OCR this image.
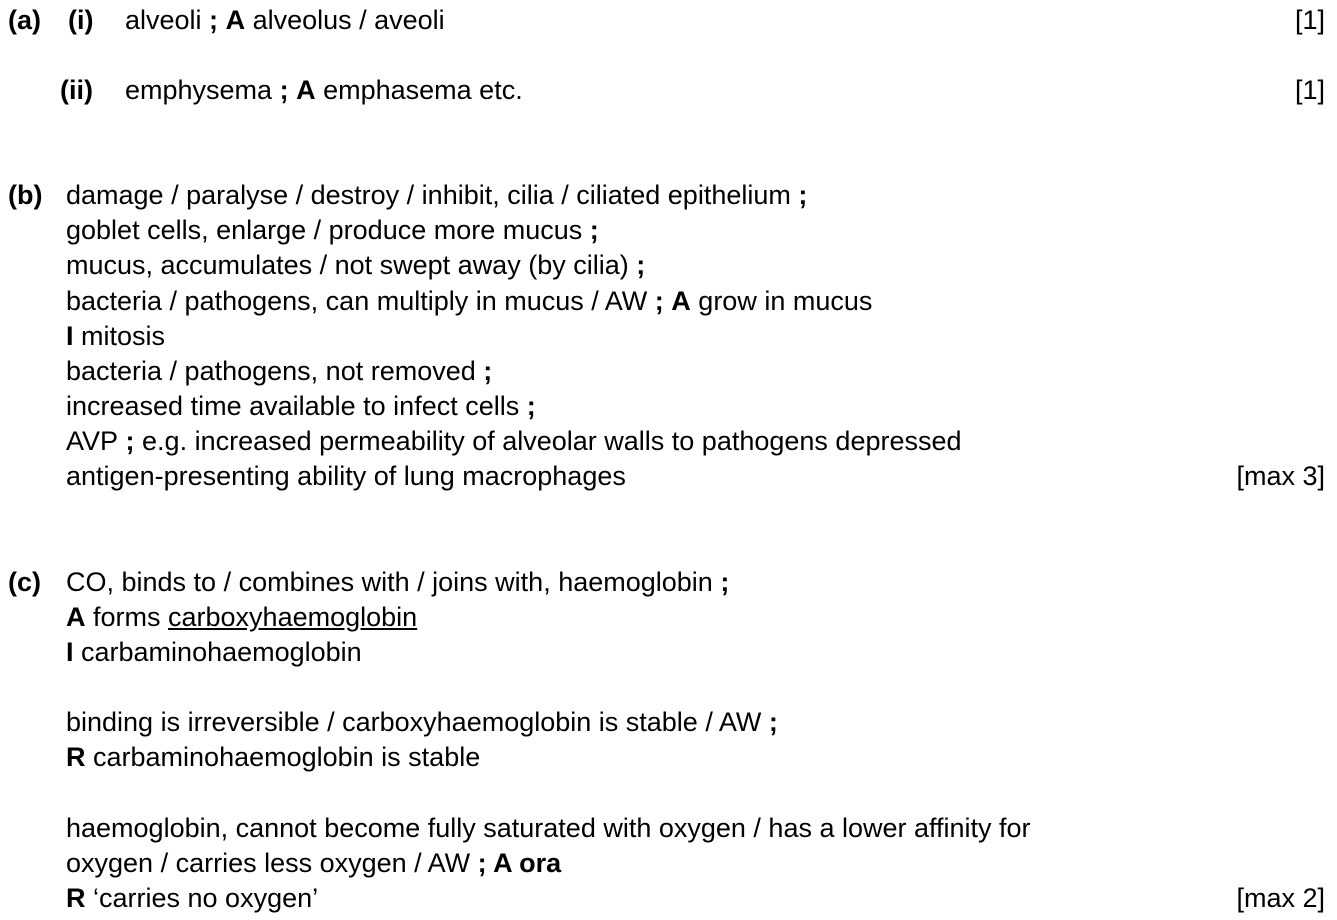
(a) (i) alveoli ; A alveolus / aveoli	[1]
(ii) emphysema ; A emphasema etc.	[1]
(b) damage / paralyse / destroy / inhibit, cilia / ciliated epithelium ;
goblet cells, enlarge / produce more mucus ;
mucus, accumulates / not swept away (by cilia) ;
bacteria / pathogens, can multiply in mucus / AW ; A grow in mucus
I mitosis
bacteria / pathogens, not removed ;
increased time available to infect cells ;
AVP ; e.g. increased permeability of alveolar walls to pathogens depressed
antigen-presenting ability of lung macrophages	[max 3]
(c) CO, binds to / combines with / joins with, haemoglobin ;
A forms carboxyhaemoglobin
I carbaminohaemoglobin
binding is irreversible / carboxyhaemoglobin is stable / AW ;
R carbaminohaemoglobin is stable
haemoglobin, cannot become fully saturated with oxygen / has a lower affinity for
oxygen / carries less oxygen / AW ; A ora
R ‘carries no oxygen’	[max 2]
